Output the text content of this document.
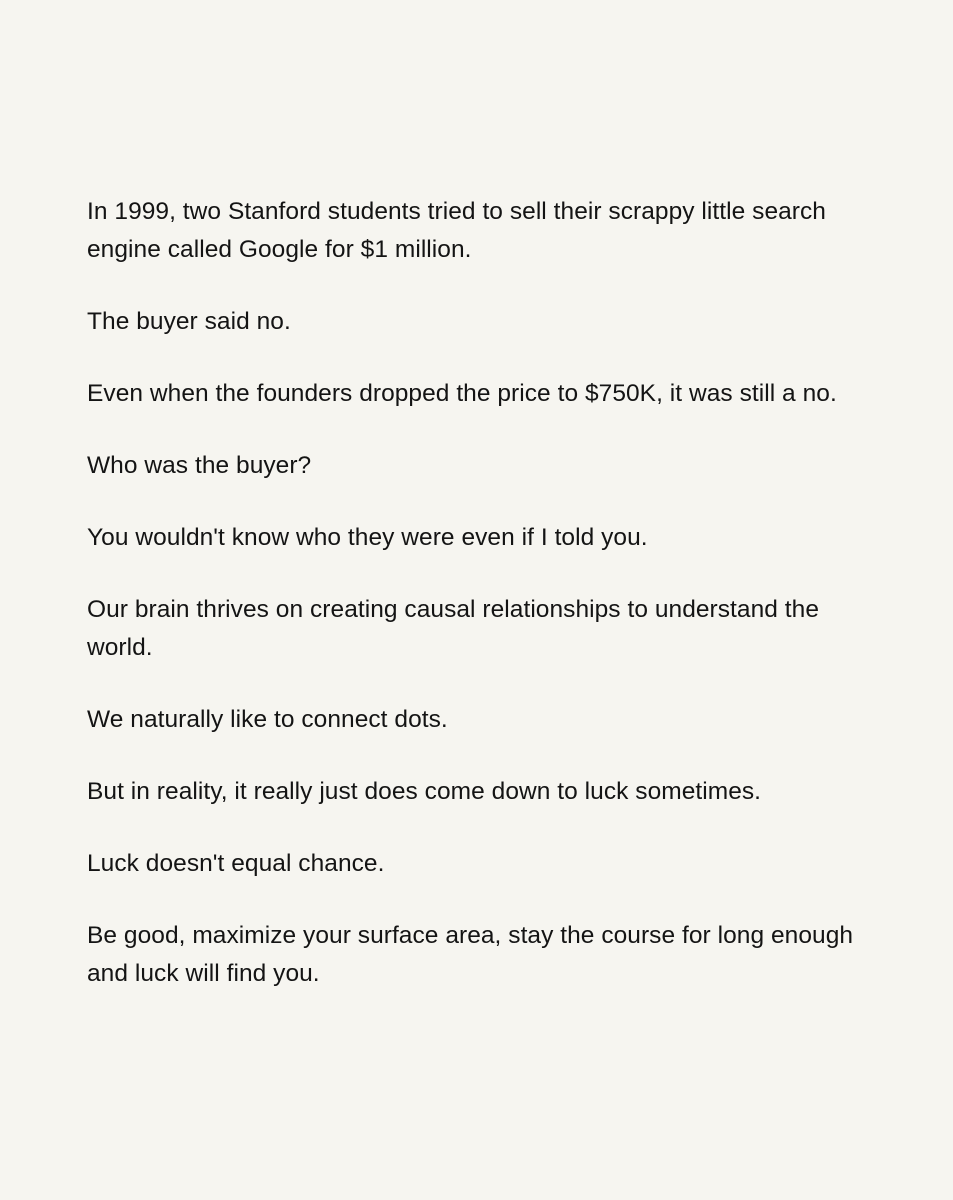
In 1999, two Stanford students tried to sell their scrappy little search engine called Google for $1 million.

The buyer said no.

Even when the founders dropped the price to $750K, it was still a no.

Who was the buyer?

You wouldn't know who they were even if I told you.

Our brain thrives on creating causal relationships to understand the world.

We naturally like to connect dots.

But in reality, it really just does come down to luck sometimes.

Luck doesn't equal chance.

Be good, maximize your surface area, stay the course for long enough and luck will find you.
